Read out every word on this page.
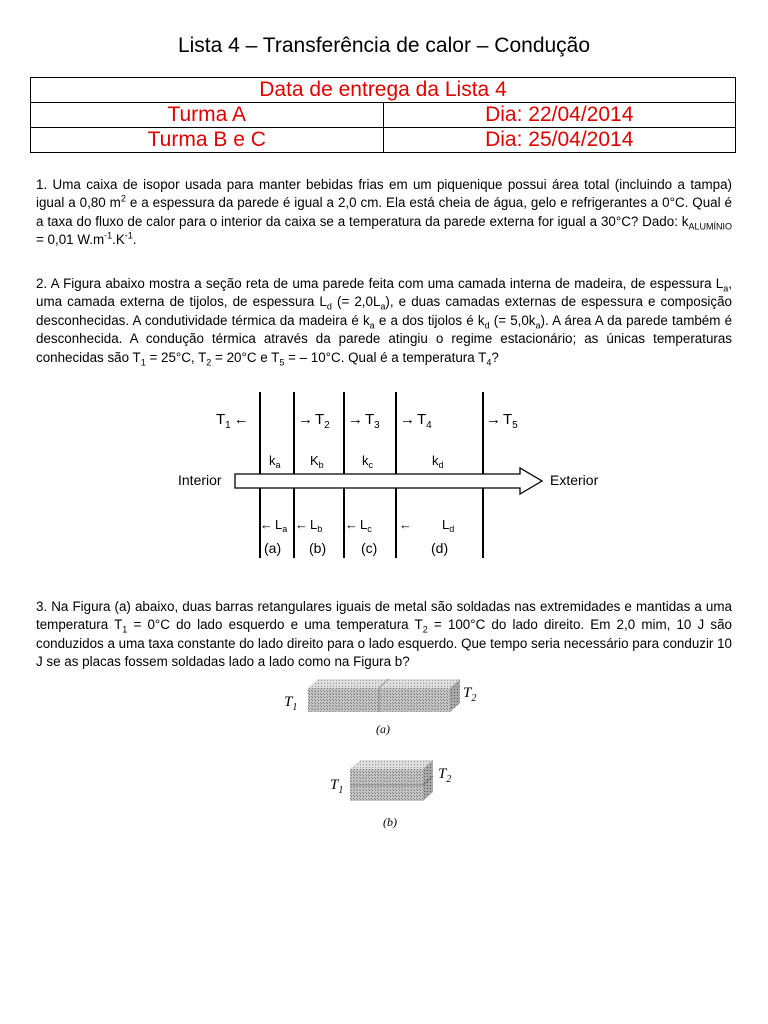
Lista 4 – Transferência de calor – Condução
Data de entrega da Lista 4	
Turma A	Dia: 22/04/2014
Turma B e C	Dia: 25/04/2014

1. Uma caixa de isopor usada para manter bebidas frias em um piquenique possui área total (incluindo a tampa) igual a 0,80 $m^2$ e a espessura da parede é igual a 2,0 cm. Ela está cheia de água, gelo e refrigerantes a 0°C. Qual é a taxa do fluxo de calor para o interior da caixa se a temperatura da parede externa for igual a 30°C? Dado: $k_{ALUMÍNIO} = 0,01$ $W.m^{-1}.K^{-1}$.

2. A Figura abaixo mostra a seção reta de uma parede feita com uma camada interna de madeira, de espessura $L_a$, uma camada externa de tijolos, de espessura $L_d$ (= $2,0L_a$), e duas camadas externas de espessura e composição desconhecidas. A condutividade térmica da madeira é $k_a$ e a dos tijolos é $k_d$ (= $5,0k_a$). A área A da parede também é desconhecida. A condução térmica através da parede atingiu o regime estacionário; as únicas temperaturas conhecidas são $T_1 = 25^\circ C$, $T_2 = 20^\circ C$ e $T_5$ = – 10°C. Qual é a temperatura $T_4$?

$T_1$ ←	→ $T_2 \to T_3 \to T_4$	→ $T_5$
$k_a$ $K_b$	$k_c$	$k_d$
Interior	Exterior
← $L_a$ ← $L_b$ ← $L_c$ ← $L_d$
(a) (b) (c)	(d)

3. Na Figura (a) abaixo, duas barras retangulares iguais de metal são soldadas nas extremidades e mantidas a uma temperatura $T_1 = 0^\circ C$ do lado esquerdo e uma temperatura $T_2 = 100^\circ C$ do lado direito. Em 2,0 mim, 10 J são conduzidos a uma taxa constante do lado direito para o lado esquerdo. Que tempo seria necessário para conduzir 10 J se as placas fossem soldadas lado a lado como na Figura b?

$T_1$
$T_2$
(a)
$T_1$
$T_2$
(b)
